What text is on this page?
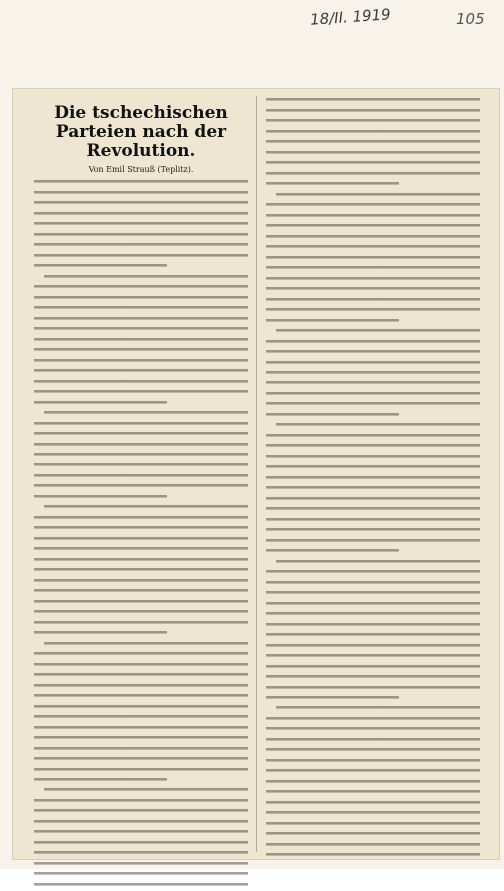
18/II. 1919	105
Die tschechischen Parteien nach der Revolution.
Von Emil Strauß (Teplitz).
